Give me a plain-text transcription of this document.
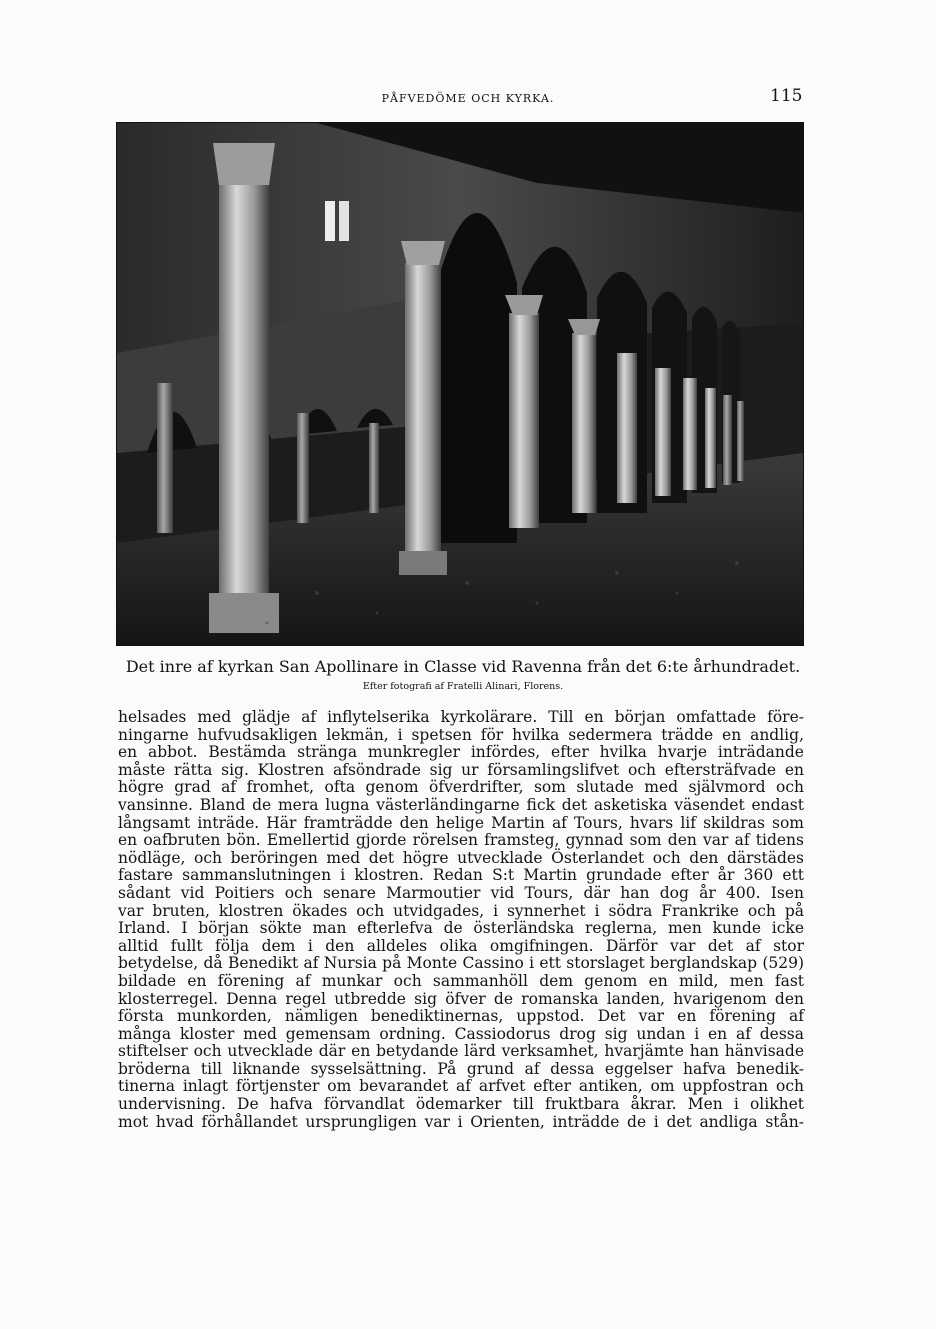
PÅFVEDÖME OCH KYRKA.	115
Det inre af kyrkan San Apollinare in Classe vid Ravenna från det 6:te århundradet.
Efter fotografi af Fratelli Alinari, Florens.
helsades med glädje af inflytelserika kyrkolärare. Till en början omfattade före-
ningarne hufvudsakligen lekmän, i spetsen för hvilka sedermera trädde en andlig,
en abbot. Bestämda stränga munkregler infördes, efter hvilka hvarje inträdande
måste rätta sig. Klostren afsöndrade sig ur församlingslifvet och eftersträfvade en
högre grad af fromhet, ofta genom öfverdrifter, som slutade med självmord och
vansinne. Bland de mera lugna västerländingarne fick det asketiska väsendet endast
långsamt inträde. Här framträdde den helige Martin af Tours, hvars lif skildras som
en oafbruten bön. Emellertid gjorde rörelsen framsteg, gynnad som den var af tidens
nödläge, och beröringen med det högre utvecklade Österlandet och den därstädes
fastare sammanslutningen i klostren. Redan S:t Martin grundade efter år 360 ett
sådant vid Poitiers och senare Marmoutier vid Tours, där han dog år 400. Isen
var bruten, klostren ökades och utvidgades, i synnerhet i södra Frankrike och på
Irland. I början sökte man efterlefva de österländska reglerna, men kunde icke
alltid fullt följa dem i den alldeles olika omgifningen. Därför var det af stor
betydelse, då Benedikt af Nursia på Monte Cassino i ett storslaget berglandskap (529)
bildade en förening af munkar och sammanhöll dem genom en mild, men fast
klosterregel. Denna regel utbredde sig öfver de romanska landen, hvarigenom den
första munkorden, nämligen benediktinernas, uppstod. Det var en förening af
många kloster med gemensam ordning. Cassiodorus drog sig undan i en af dessa
stiftelser och utvecklade där en betydande lärd verksamhet, hvarjämte han hänvisade
bröderna till liknande sysselsättning. På grund af dessa eggelser hafva benedik-
tinerna inlagt förtjenster om bevarandet af arfvet efter antiken, om uppfostran och
undervisning. De hafva förvandlat ödemarker till fruktbara åkrar. Men i olikhet
mot hvad förhållandet ursprungligen var i Orienten, inträdde de i det andliga stån-
